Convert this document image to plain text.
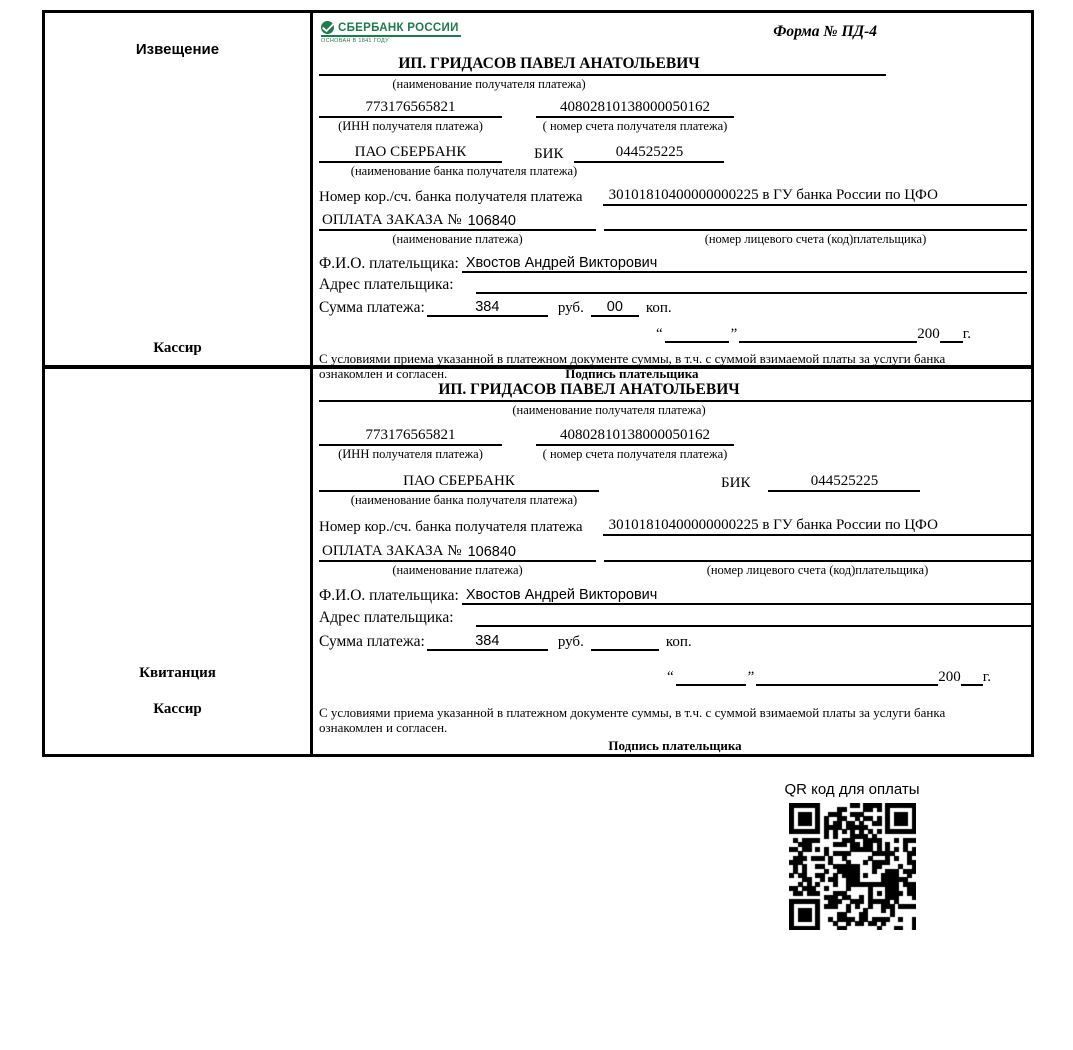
Извещение
Кассир
СБЕРБАНК РОССИИ
ОСНОВАН В 1841 ГОДУ
Форма № ПД-4
ИП. ГРИДАСОВ ПАВЕЛ АНАТОЛЬЕВИЧ
(наименование получателя платежа)
773176565821	40802810138000050162
(ИНН получателя платежа)	( номер счета получателя платежа)
ПАО СБЕРБАНК	БИК	044525225
(наименование банка получателя платежа)
Номер кор./сч. банка получателя платежа	30101810400000000225 в ГУ банка России по ЦФО
ОПЛАТА ЗАКАЗА № 106840
(наименование платежа)	(номер лицевого счета (код)плательщика)
Ф.И.О. плательщика: Хвостов Андрей Викторович
Адрес плательщика:
Сумма платежа:	384	руб.	00	коп.
“	”	200 г.
С условиями приема указанной в платежном документе суммы, в т.ч. с суммой взимаемой платы за услуги банка
ознакомлен и согласен.	Подпись плательщика
Квитанция
Кассир
ИП. ГРИДАСОВ ПАВЕЛ АНАТОЛЬЕВИЧ
(наименование получателя платежа)
773176565821	40802810138000050162
(ИНН получателя платежа)	( номер счета получателя платежа)
ПАО СБЕРБАНК	БИК	044525225
(наименование банка получателя платежа)
Номер кор./сч. банка получателя платежа	30101810400000000225 в ГУ банка России по ЦФО
ОПЛАТА ЗАКАЗА № 106840
(наименование платежа)	(номер лицевого счета (код)плательщика)
Ф.И.О. плательщика: Хвостов Андрей Викторович
Адрес плательщика:
Сумма платежа:	384	руб.	коп.
“	”	200 г.
С условиями приема указанной в платежном документе суммы, в т.ч. с суммой взимаемой платы за услуги банка
ознакомлен и согласен.
Подпись плательщика
QR код для оплаты
